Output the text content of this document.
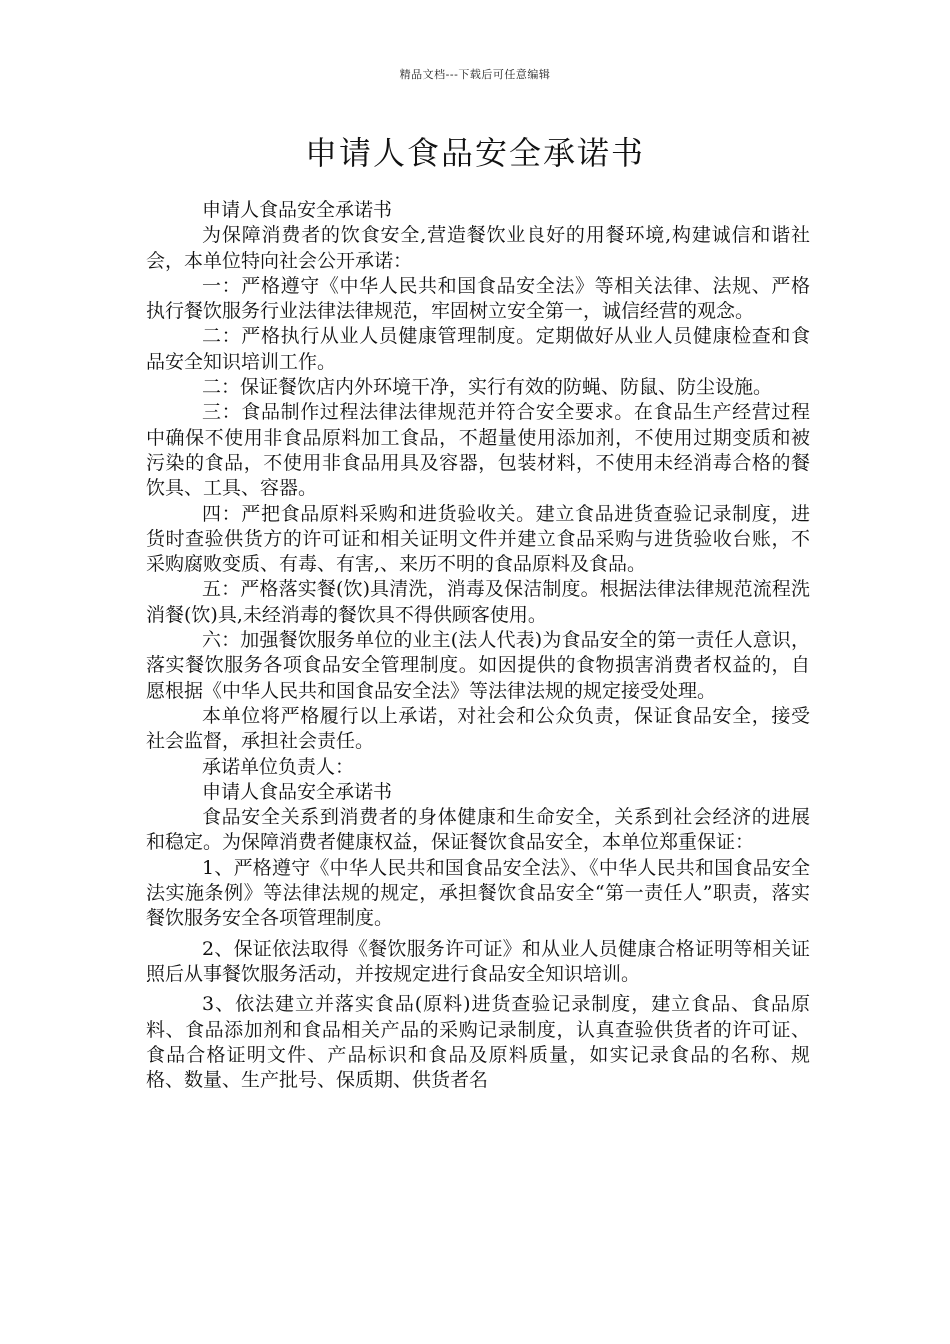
精品文档---下载后可任意编辑
申请人食品安全承诺书

申请人食品安全承诺书

为保障消费者的饮食安全,营造餐饮业良好的用餐环境,构建诚信和谐社会，本单位特向社会公开承诺：

一：严格遵守《中华人民共和国食品安全法》等相关法律、法规、严格执行餐饮服务行业法律法律规范，牢固树立安全第一，诚信经营的观念。

二：严格执行从业人员健康管理制度。定期做好从业人员健康检查和食品安全知识培训工作。

二：保证餐饮店内外环境干净，实行有效的防蝇、防鼠、防尘设施。

三：食品制作过程法律法律规范并符合安全要求。在食品生产经营过程中确保不使用非食品原料加工食品，不超量使用添加剂，不使用过期变质和被污染的食品，不使用非食品用具及容器，包装材料，不使用未经消毒合格的餐饮具、工具、容器。

四：严把食品原料采购和进货验收关。建立食品进货查验记录制度，进货时查验供货方的许可证和相关证明文件并建立食品采购与进货验收台账，不采购腐败变质、有毒、有害,、来历不明的食品原料及食品。

五：严格落实餐(饮)具清洗，消毒及保洁制度。根据法律法律规范流程洗消餐(饮)具,未经消毒的餐饮具不得供顾客使用。

六：加强餐饮服务单位的业主(法人代表)为食品安全的第一责任人意识，落实餐饮服务各项食品安全管理制度。如因提供的食物损害消费者权益的，自愿根据《中华人民共和国食品安全法》等法律法规的规定接受处理。

本单位将严格履行以上承诺，对社会和公众负责，保证食品安全，接受社会监督，承担社会责任。

承诺单位负责人：

申请人食品安全承诺书

食品安全关系到消费者的身体健康和生命安全，关系到社会经济的进展和稳定。为保障消费者健康权益，保证餐饮食品安全，本单位郑重保证：

1、严格遵守《中华人民共和国食品安全法》、《中华人民共和国食品安全法实施条例》等法律法规的规定，承担餐饮食品安全“第一责任人”职责，落实餐饮服务安全各项管理制度。

2、保证依法取得《餐饮服务许可证》和从业人员健康合格证明等相关证照后从事餐饮服务活动，并按规定进行食品安全知识培训。

3、依法建立并落实食品(原料)进货查验记录制度，建立食品、食品原料、食品添加剂和食品相关产品的采购记录制度，认真查验供货者的许可证、食品合格证明文件、产品标识和食品及原料质量，如实记录食品的名称、规格、数量、生产批号、保质期、供货者名
